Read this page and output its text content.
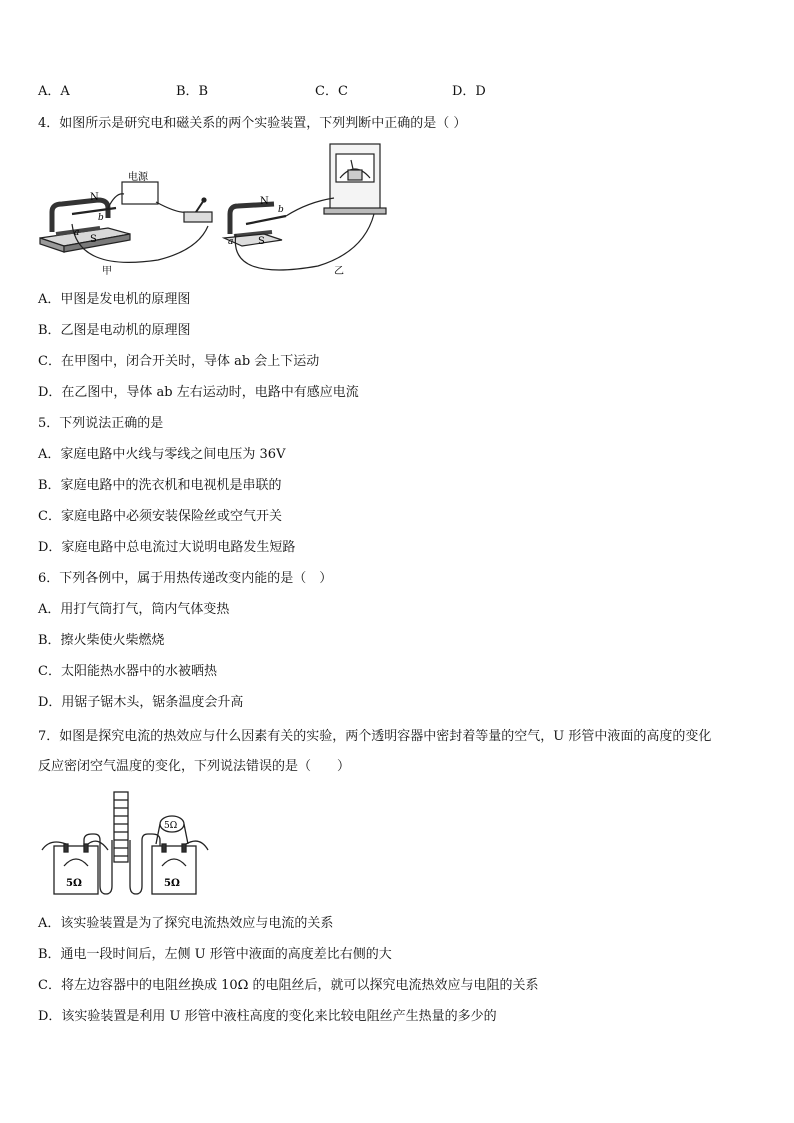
A．A	B．B	C．C	D．D
4．如图所示是研究电和磁关系的两个实验装置，下列判断中正确的是（ ）
N
S
b
a
电源
甲
N
S
b
a
乙
A．甲图是发电机的原理图
B．乙图是电动机的原理图
C．在甲图中，闭合开关时，导体 ab 会上下运动
D．在乙图中，导体 ab 左右运动时，电路中有感应电流
5．下列说法正确的是
A．家庭电路中火线与零线之间电压为 36V
B．家庭电路中的洗衣机和电视机是串联的
C．家庭电路中必须安装保险丝或空气开关
D．家庭电路中总电流过大说明电路发生短路
6．下列各例中，属于用热传递改变内能的是（　）
A．用打气筒打气，筒内气体变热
B．擦火柴使火柴燃烧
C．太阳能热水器中的水被晒热
D．用锯子锯木头，锯条温度会升高
7．如图是探究电流的热效应与什么因素有关的实验，两个透明容器中密封着等量的空气，U 形管中液面的高度的变化
反应密闭空气温度的变化，下列说法错误的是（　　）
5Ω	5Ω
5Ω
A．该实验装置是为了探究电流热效应与电流的关系
B．通电一段时间后，左侧 U 形管中液面的高度差比右侧的大
C．将左边容器中的电阻丝换成 10Ω 的电阻丝后，就可以探究电流热效应与电阻的关系
D．该实验装置是利用 U 形管中液柱高度的变化来比较电阻丝产生热量的多少的
